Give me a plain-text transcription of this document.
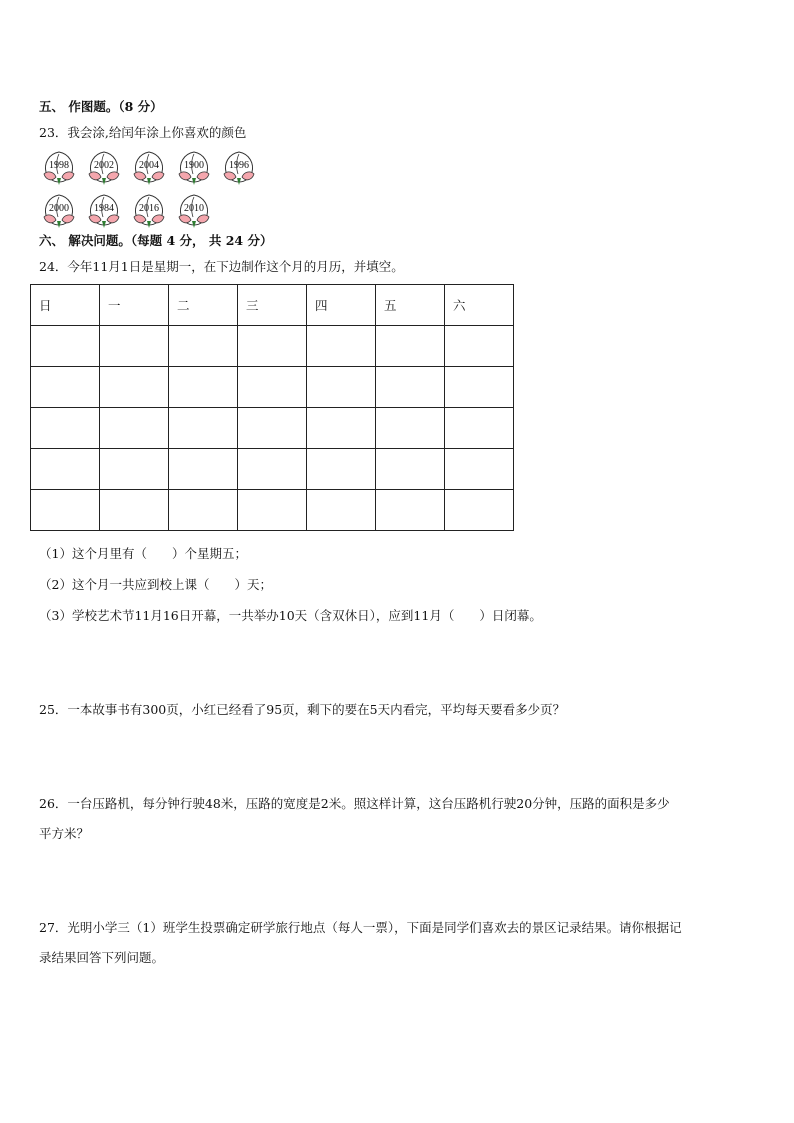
五、 作图题。（8 分）
23．我会涂,给闰年涂上你喜欢的颜色
1998	2002	2004	1900	1996
2000	1984	2016	2010
六、 解决问题。（每题 4 分， 共 24 分）
24．今年11月1日是星期一，在下边制作这个月的月历，并填空。
日	一	二	三	四	五	六

（1）这个月里有（　　）个星期五；
（2）这个月一共应到校上课（　　）天；
（3）学校艺术节11月16日开幕，一共举办10天（含双休日），应到11月（　　）日闭幕。
25．一本故事书有300页，小红已经看了95页，剩下的要在5天内看完，平均每天要看多少页？
26．一台压路机，每分钟行驶48米，压路的宽度是2米。照这样计算，这台压路机行驶20分钟，压路的面积是多少
平方米？
27．光明小学三（1）班学生投票确定研学旅行地点（每人一票），下面是同学们喜欢去的景区记录结果。请你根据记
录结果回答下列问题。
